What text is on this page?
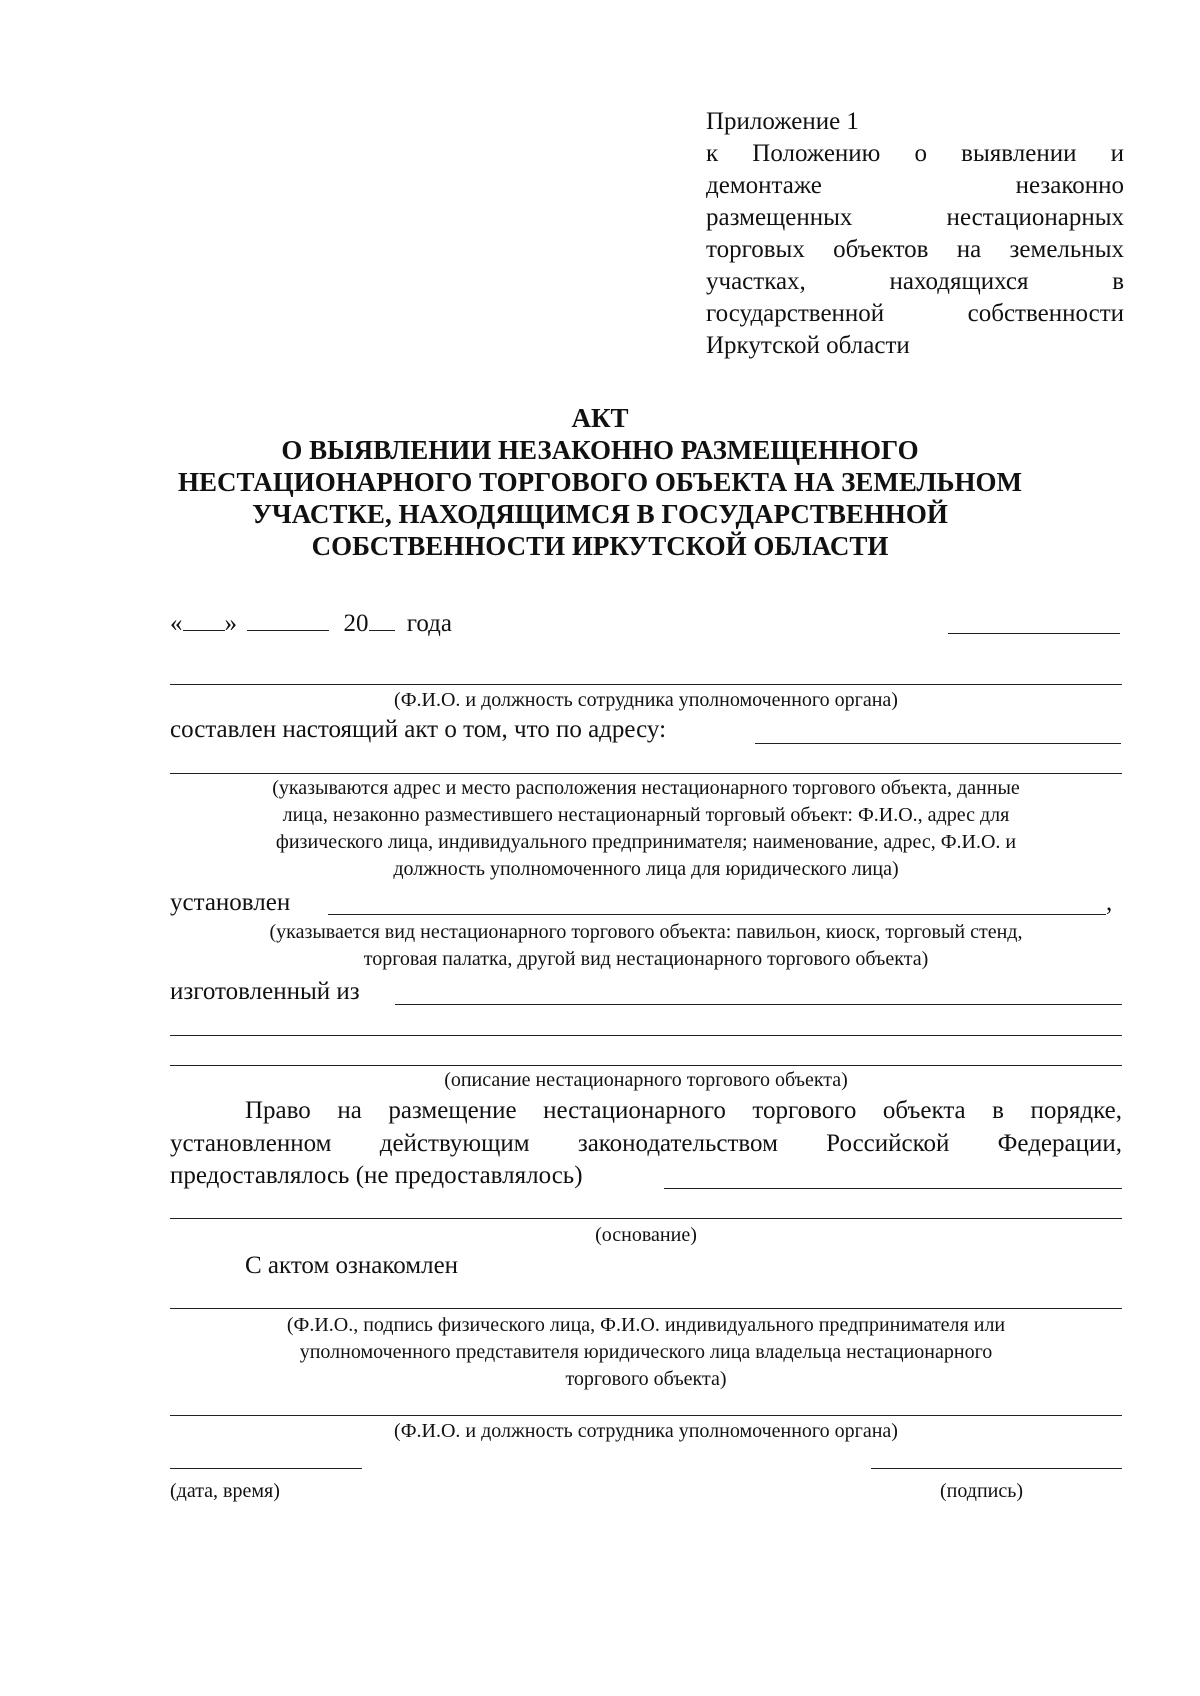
Приложение 1
к Положению о выявлении и
демонтаже незаконно
размещенных нестационарных
торговых объектов на земельных
участках, находящихся в
государственной собственности
Иркутской области
АКТ
О ВЫЯВЛЕНИИ НЕЗАКОННО РАЗМЕЩЕННОГО
НЕСТАЦИОНАРНОГО ТОРГОВОГО ОБЪЕКТА НА ЗЕМЕЛЬНОМ
УЧАСТКЕ, НАХОДЯЩИМСЯ В ГОСУДАРСТВЕННОЙ
СОБСТВЕННОСТИ ИРКУТСКОЙ ОБЛАСТИ
« »	20 года
(Ф.И.О. и должность сотрудника уполномоченного органа)
составлен настоящий акт о том, что по адресу:
(указываются адрес и место расположения нестационарного торгового объекта, данные
лица, незаконно разместившего нестационарный торговый объект: Ф.И.О., адрес для
физического лица, индивидуального предпринимателя; наименование, адрес, Ф.И.О. и
должность уполномоченного лица для юридического лица)
установлен	,
(указывается вид нестационарного торгового объекта: павильон, киоск, торговый стенд,
торговая палатка, другой вид нестационарного торгового объекта)
изготовленный из
(описание нестационарного торгового объекта)
Право на размещение нестационарного торгового объекта в порядке,
установленном действующим законодательством Российской Федерации,
предоставлялось (не предоставлялось)
(основание)
С актом ознакомлен
(Ф.И.О., подпись физического лица, Ф.И.О. индивидуального предпринимателя или
уполномоченного представителя юридического лица владельца нестационарного
торгового объекта)
(Ф.И.О. и должность сотрудника уполномоченного органа)
(дата, время)	(подпись)
